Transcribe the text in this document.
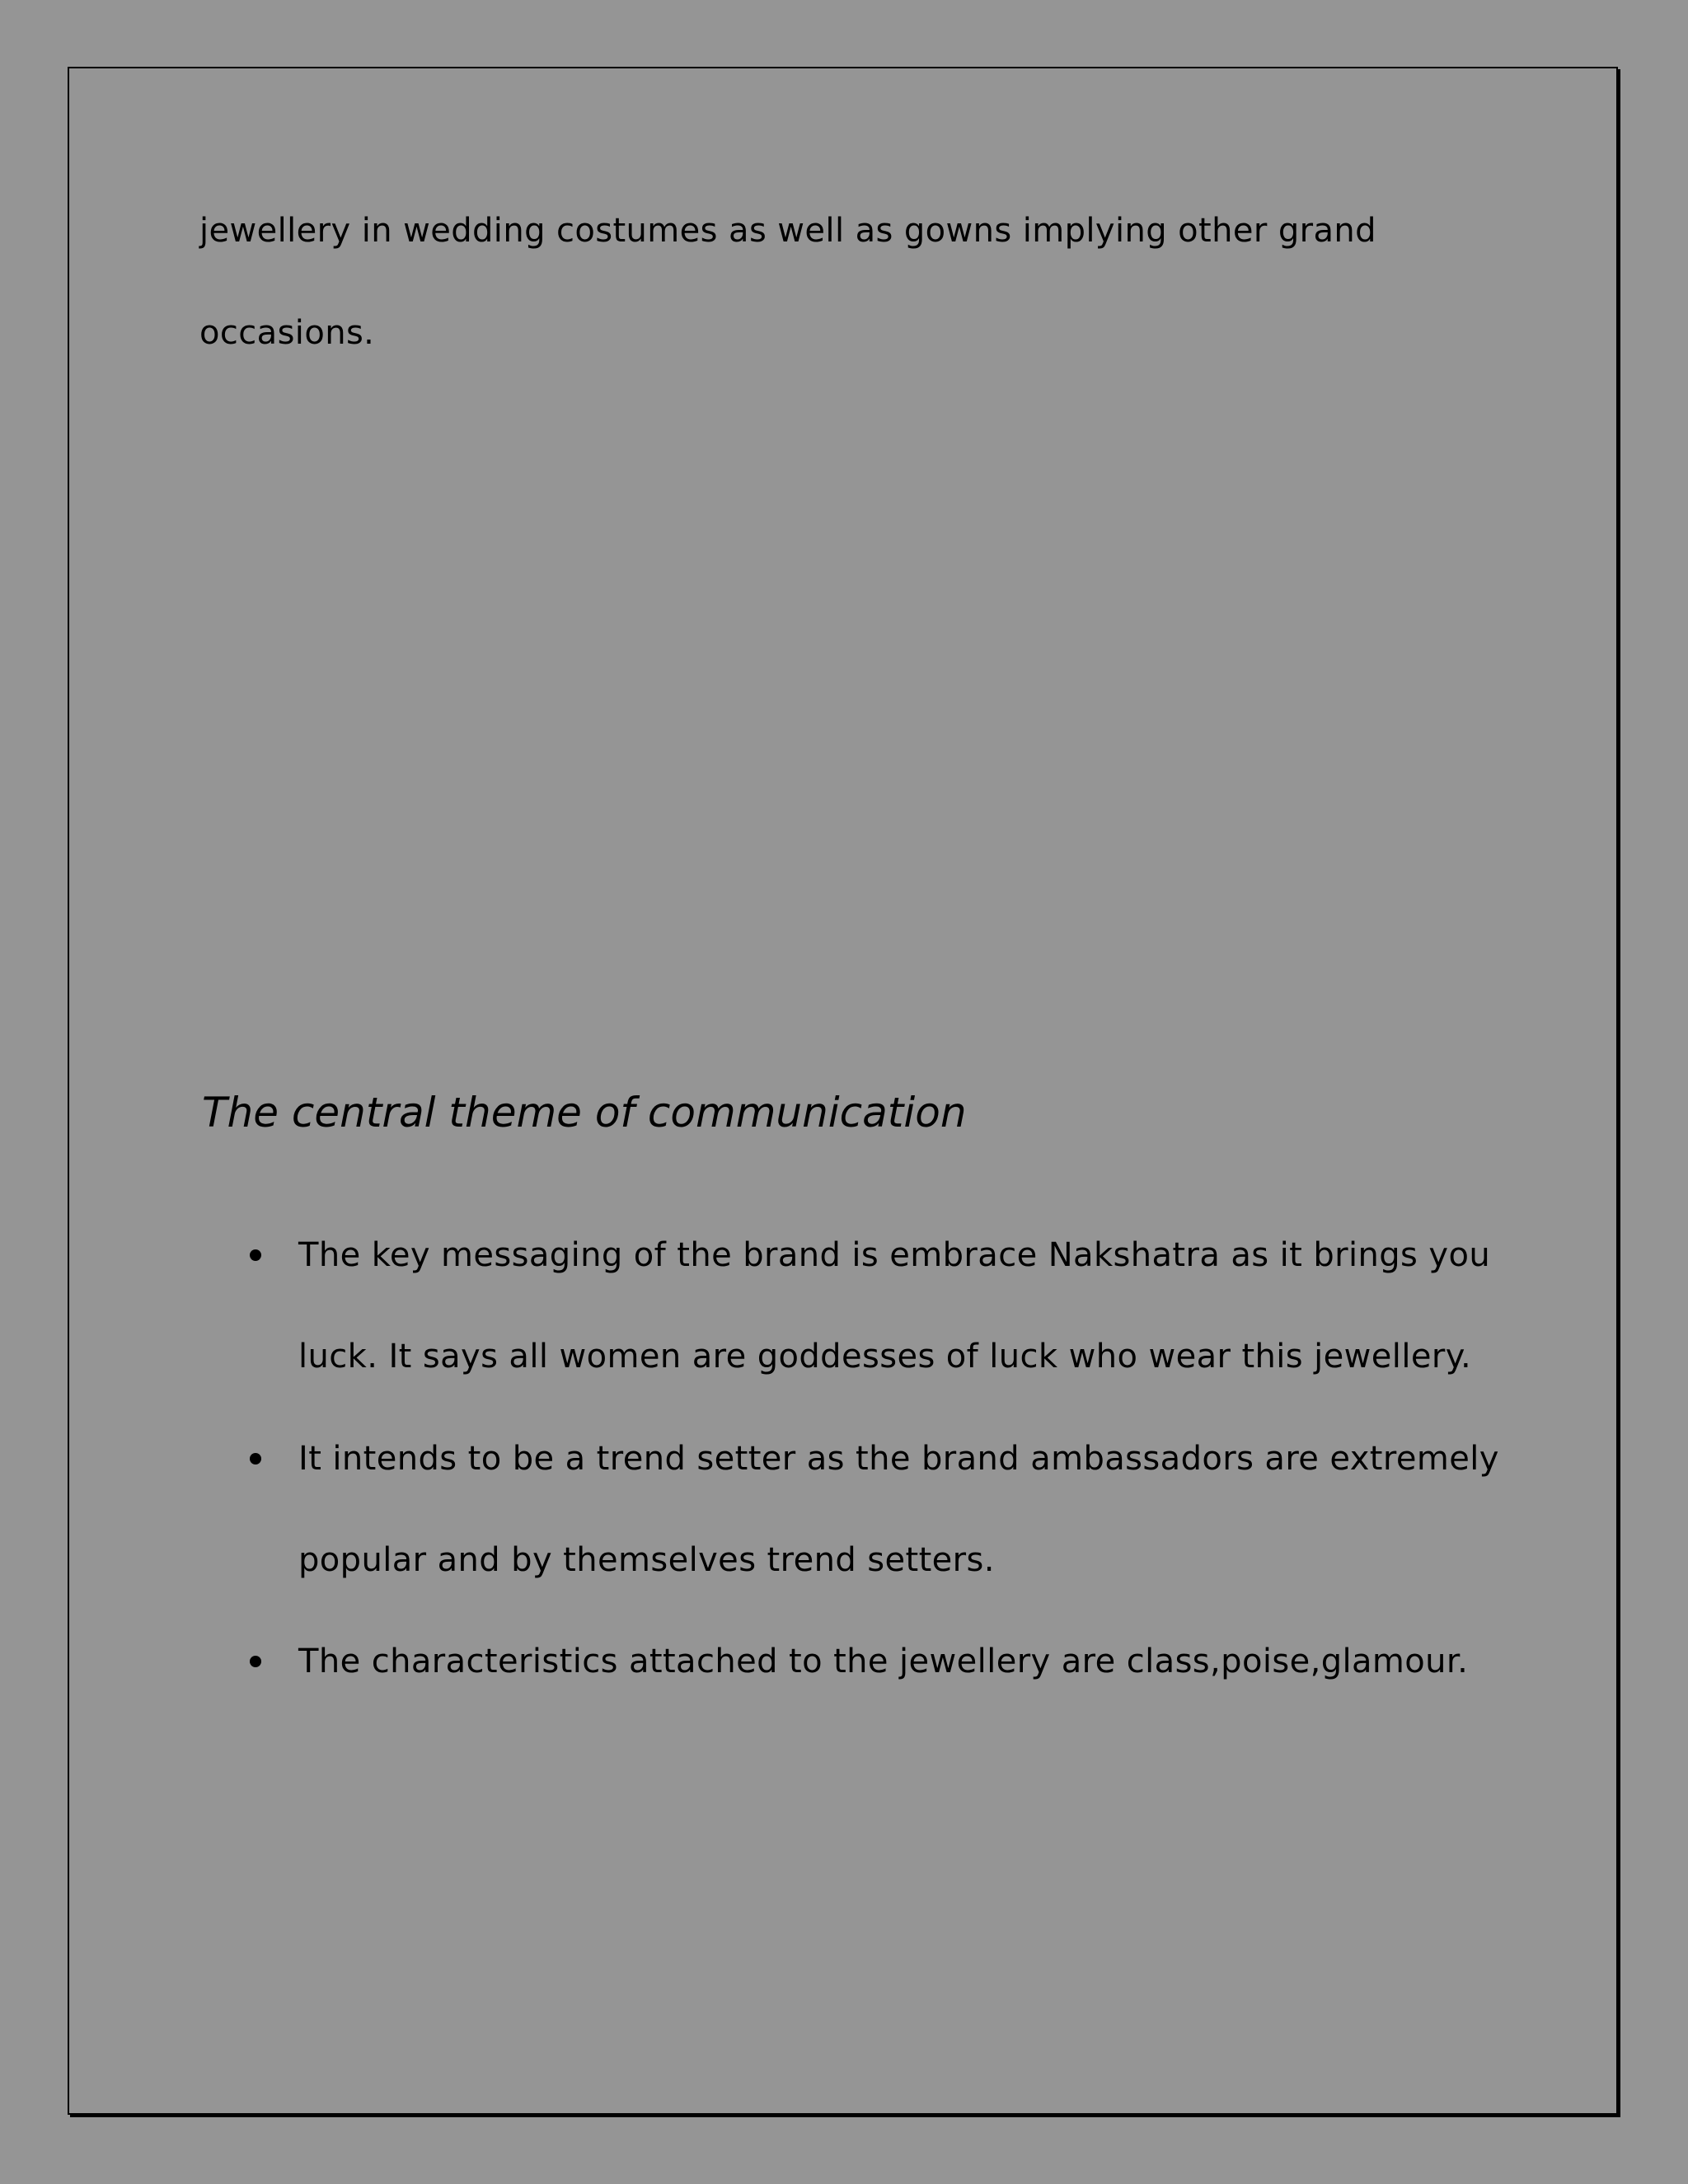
jewellery in wedding costumes as well as gowns implying other grand
occasions.
The central theme of communication
The key messaging of the brand is embrace Nakshatra as it brings you
luck. It says all women are goddesses of luck who wear this jewellery.
It intends to be a trend setter as the brand ambassadors are extremely
popular and by themselves trend setters.
The characteristics attached to the jewellery are class,poise,glamour.
